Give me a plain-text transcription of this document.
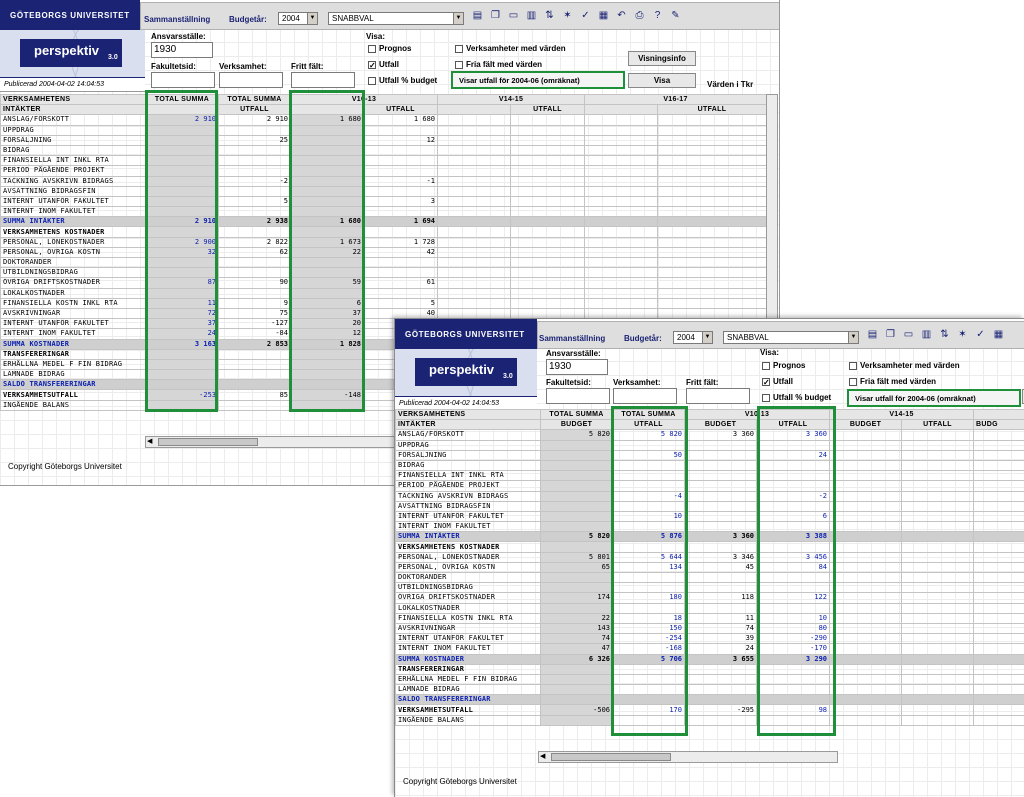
GÖTEBORGS UNIVERSITET	Sammanställning Budgetår:	2004	▼	SNABBVAL	▼ ▤ ❐ ▭ ▥ ⇅ ✶ ✓ ▦ ↶ ⎙	?	✎
perspektiv 3.0
Publicerad 2004-04-02 14:04:53
Ansvarsställe:
1930
Fakultetsid:	Verksamhet:	Fritt fält:
Visa:
Prognos
✓ Utfall
Utfall % budget
Verksamheter med värden
Fria fält med värden
Visar utfall för 2004-06 (omräknat)
Visningsinfo
Visa	Värden i Tkr
VERKSAMHETENS	TOTAL SUMMA	TOTAL SUMMA	V10-13		V14-15		V16-17	
INTÄKTER		UTFALL		UTFALL		UTFALL		UTFALL
ANSLAG/FÖRSKOTT	2 910	2 910	1 680	1 680				
UPPDRAG								
FÖRSÄLJNING		25		12				
BIDRAG								
FINANSIELLA INT INKL RTA								
PERIOD PÅGÅENDE PROJEKT								
TÄCKNING AVSKRIVN BIDRAGS		-2		-1				
AVSÄTTNING BIDRAGSFIN								
INTERNT UTANFÖR FAKULTET		5		3				
INTERNT INOM FAKULTET								
SUMMA INTÄKTER	2 910	2 938	1 680	1 694				
VERKSAMHETENS KOSTNADER								
PERSONAL, LÖNEKOSTNADER	2 900	2 822	1 673	1 728				
PERSONAL, ÖVRIGA KOSTN	32	62	22	42				
DOKTORANDER								
UTBILDNINGSBIDRAG								
ÖVRIGA DRIFTSKOSTNADER	87	90	59	61				
LOKALKOSTNADER								
FINANSIELLA KOSTN INKL RTA	11	9	6	5				
AVSKRIVNINGAR	72	75	37	40				
INTERNT UTANFÖR FAKULTET	37	-127	20					
INTERNT INOM FAKULTET	24	-84	12					
SUMMA KOSTNADER	3 163	2 853	1 828					
TRANSFERERINGAR								
ERHÅLLNA MEDEL F FIN BIDRAG								
LÄMNADE BIDRAG								
SALDO TRANSFERERINGAR								
VERKSAMHETSUTFALL	-253	85	-148					
INGÅENDE BALANS								
◀
Copyright Göteborgs Universitet
GÖTEBORGS UNIVERSITET	Sammanställning Budgetår:	2004	▼	SNABBVAL	▼ ▤ ❐ ▭ ▥ ⇅ ✶ ✓ ▦
perspektiv 3.0
Publicerad 2004-04-02 14:04:53
Ansvarsställe:
1930
Fakultetsid:	Verksamhet:	Fritt fält:
Visa:
Prognos
✓ Utfall
Utfall % budget
Verksamheter med värden
Fria fält med värden
Visar utfall för 2004-06 (omräknat)
VERKSAMHETENS	TOTAL SUMMA	TOTAL SUMMA	V10-13		V14-15		
INTÄKTER	BUDGET	UTFALL	BUDGET	UTFALL	BUDGET	UTFALL	BUDG
ANSLAG/FÖRSKOTT	5 820	5 820	3 360	3 360			
UPPDRAG							
FÖRSÄLJNING		50		24			
BIDRAG							
FINANSIELLA INT INKL RTA							
PERIOD PÅGÅENDE PROJEKT							
TÄCKNING AVSKRIVN BIDRAGS		-4		-2			
AVSÄTTNING BIDRAGSFIN							
INTERNT UTANFÖR FAKULTET		10		6			
INTERNT INOM FAKULTET							
SUMMA INTÄKTER	5 820	5 876	3 360	3 388			
VERKSAMHETENS KOSTNADER							
PERSONAL, LÖNEKOSTNADER	5 801	5 644	3 346	3 456			
PERSONAL, ÖVRIGA KOSTN	65	134	45	84			
DOKTORANDER							
UTBILDNINGSBIDRAG							
ÖVRIGA DRIFTSKOSTNADER	174	180	118	122			
LOKALKOSTNADER							
FINANSIELLA KOSTN INKL RTA	22	18	11	10			
AVSKRIVNINGAR	143	150	74	80			
INTERNT UTANFÖR FAKULTET	74	-254	39	-290			
INTERNT INOM FAKULTET	47	-168	24	-170			
SUMMA KOSTNADER	6 326	5 706	3 655	3 290			
TRANSFERERINGAR							
ERHÅLLNA MEDEL F FIN BIDRAG							
LÄMNADE BIDRAG							
SALDO TRANSFERERINGAR							
VERKSAMHETSUTFALL	-506	170	-295	98			
INGÅENDE BALANS							
◀
Copyright Göteborgs Universitet
